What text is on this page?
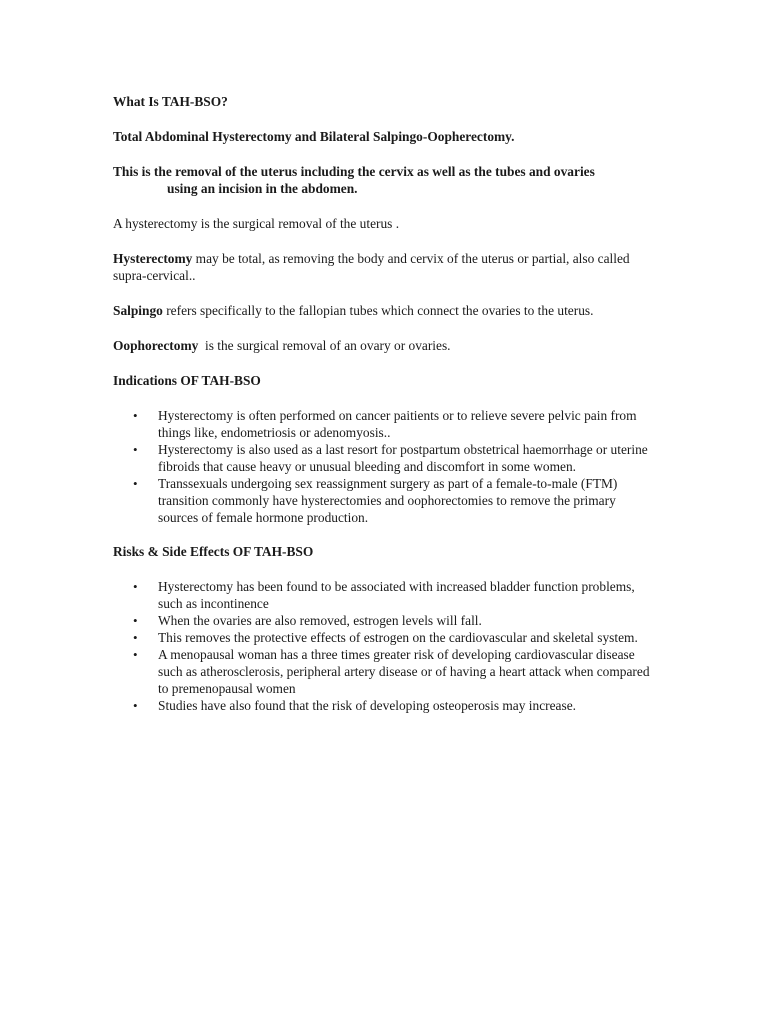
What Is TAH-BSO?

Total Abdominal Hysterectomy and Bilateral Salpingo-Oopherectomy.

This is the removal of the uterus including the cervix as well as the tubes and ovaries
using an incision in the abdomen.

A hysterectomy is the surgical removal of the uterus .

Hysterectomy may be total, as removing the body and cervix of the uterus or partial, also called supra-cervical..

Salpingo refers specifically to the fallopian tubes which connect the ovaries to the uterus.

Oophorectomy  is the surgical removal of an ovary or ovaries.

Indications OF TAH-BSO

• Hysterectomy is often performed on cancer paitients or to relieve severe pelvic pain from things like, endometriosis or adenomyosis..
• Hysterectomy is also used as a last resort for postpartum obstetrical haemorrhage or uterine fibroids that cause heavy or unusual bleeding and discomfort in some women.
• Transsexuals undergoing sex reassignment surgery as part of a female-to-male (FTM) transition commonly have hysterectomies and oophorectomies to remove the primary sources of female hormone production.

Risks & Side Effects OF TAH-BSO

• Hysterectomy has been found to be associated with increased bladder function problems, such as incontinence
• When the ovaries are also removed, estrogen levels will fall.
• This removes the protective effects of estrogen on the cardiovascular and skeletal system.
• A menopausal woman has a three times greater risk of developing cardiovascular disease such as atherosclerosis, peripheral artery disease or of having a heart attack when compared to premenopausal women
• Studies have also found that the risk of developing osteoperosis may increase.
